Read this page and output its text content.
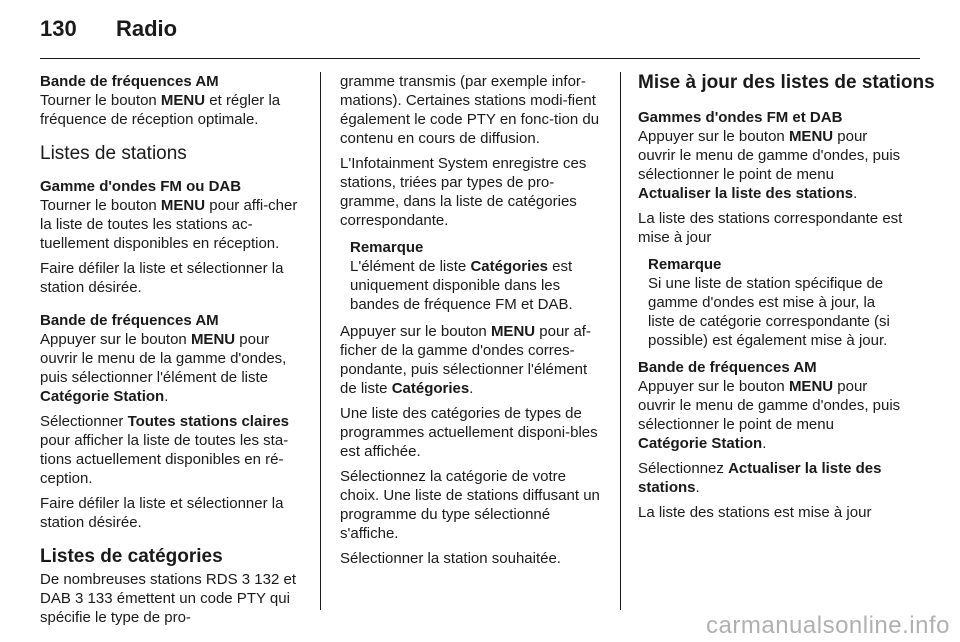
130 Radio

Bande de fréquences AM

Tourner le bouton MENU et régler la fréquence de réception optimale.

Listes de stations

Gamme d'ondes FM ou DAB

Tourner le bouton MENU pour affi-cher la liste de toutes les stations ac-tuellement disponibles en réception.

Faire défiler la liste et sélectionner la station désirée.

Bande de fréquences AM

Appuyer sur le bouton MENU pour ouvrir le menu de la gamme d'ondes, puis sélectionner l'élément de liste Catégorie Station.

Sélectionner Toutes stations claires pour afficher la liste de toutes les sta-tions actuellement disponibles en ré-ception.

Faire défiler la liste et sélectionner la station désirée.

Listes de catégories

De nombreuses stations RDS 3 132 et DAB 3 133 émettent un code PTY qui spécifie le type de pro-

gramme transmis (par exemple infor-mations). Certaines stations modi-fient également le code PTY en fonc-tion du contenu en cours de diffusion.

L'Infotainment System enregistre ces stations, triées par types de pro-gramme, dans la liste de catégories correspondante.

Remarque
L'élément de liste Catégories est uniquement disponible dans les bandes de fréquence FM et DAB.

Appuyer sur le bouton MENU pour af-ficher de la gamme d'ondes corres-pondante, puis sélectionner l'élément de liste Catégories.

Une liste des catégories de types de programmes actuellement disponi-bles est affichée.

Sélectionnez la catégorie de votre choix. Une liste de stations diffusant un programme du type sélectionné s'affiche.

Sélectionner la station souhaitée.

Mise à jour des listes de stations

Gammes d'ondes FM et DAB

Appuyer sur le bouton MENU pour ouvrir le menu de gamme d'ondes, puis sélectionner le point de menu Actualiser la liste des stations.

La liste des stations correspondante est mise à jour

Remarque
Si une liste de station spécifique de gamme d'ondes est mise à jour, la liste de catégorie correspondante (si possible) est également mise à jour.

Bande de fréquences AM

Appuyer sur le bouton MENU pour ouvrir le menu de gamme d'ondes, puis sélectionner le point de menu Catégorie Station.

Sélectionnez Actualiser la liste des stations.

La liste des stations est mise à jour

carmanualsonline.info
